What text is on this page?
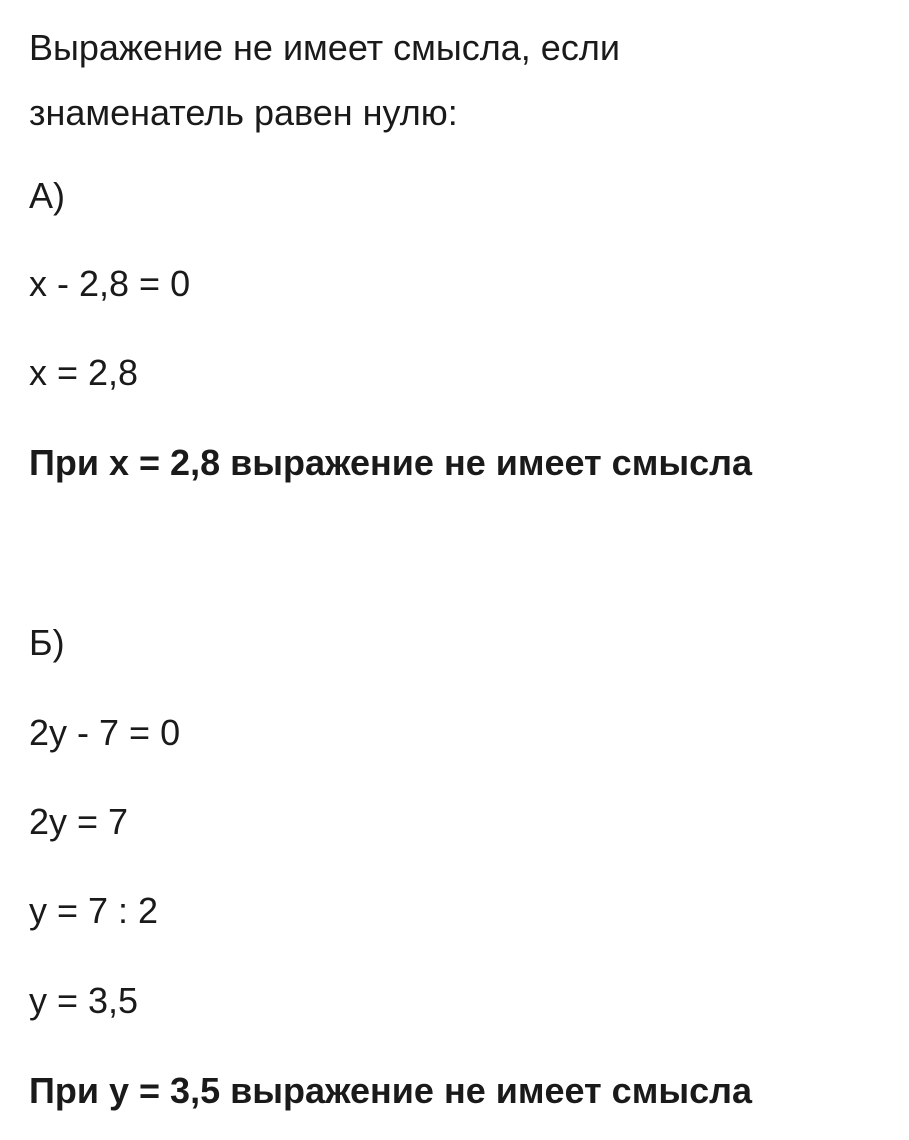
Выражение не имеет смысла, если
знаменатель равен нулю:
А)
x - 2,8 = 0
x = 2,8
При x = 2,8 выражение не имеет смысла
Б)
2y - 7 = 0
2y = 7
y = 7 : 2
y = 3,5
При y = 3,5 выражение не имеет смысла
